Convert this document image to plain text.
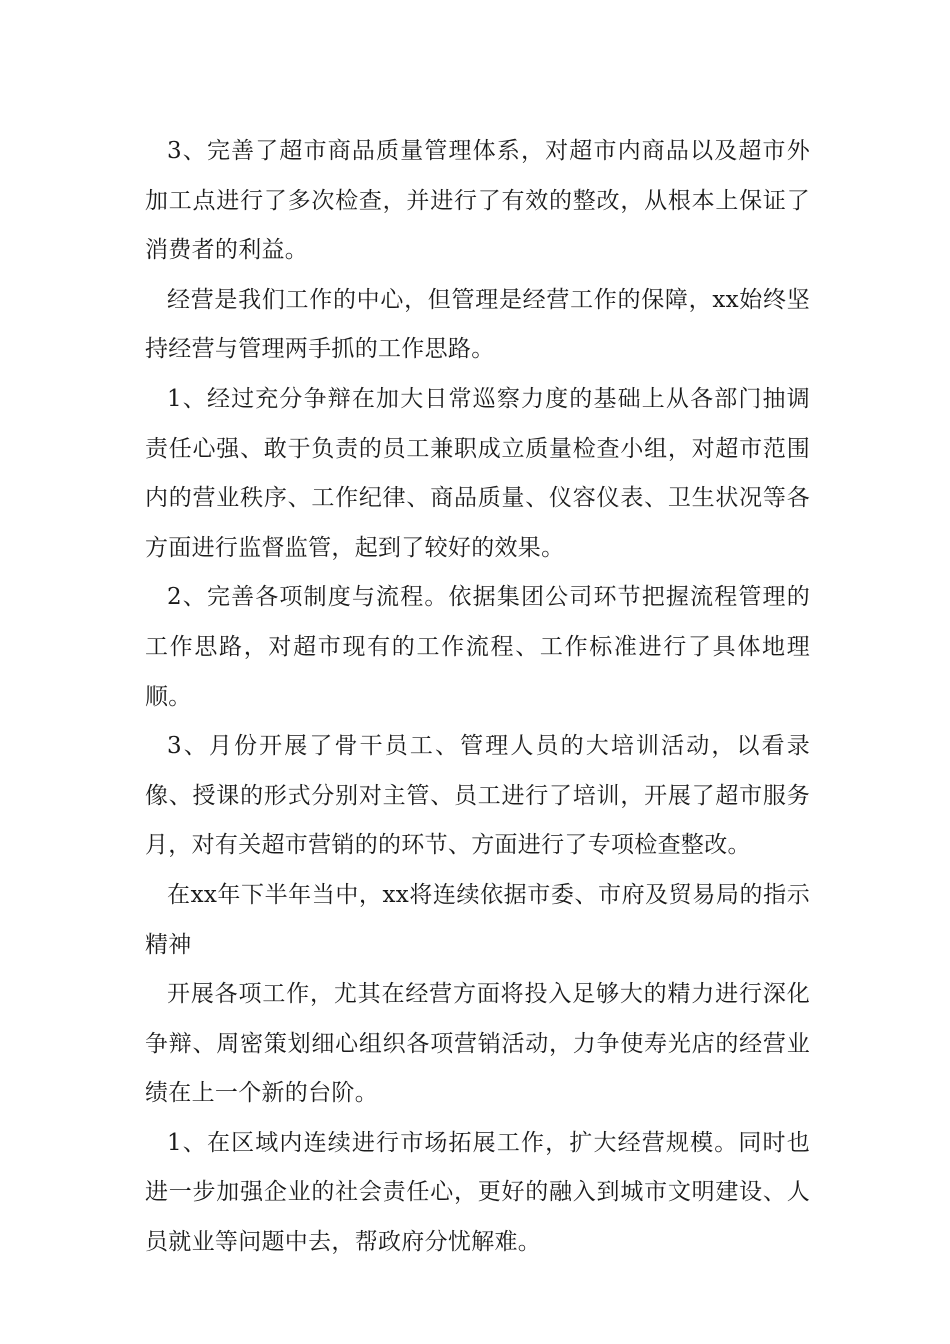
3、完善了超市商品质量管理体系，对超市内商品以及超市外加工点进行了多次检查，并进行了有效的整改，从根本上保证了消费者的利益。

经营是我们工作的中心，但管理是经营工作的保障，xx始终坚持经营与管理两手抓的工作思路。

1、经过充分争辩在加大日常巡察力度的基础上从各部门抽调责任心强、敢于负责的员工兼职成立质量检查小组，对超市范围内的营业秩序、工作纪律、商品质量、仪容仪表、卫生状况等各方面进行监督监管，起到了较好的效果。

2、完善各项制度与流程。依据集团公司环节把握流程管理的工作思路，对超市现有的工作流程、工作标准进行了具体地理顺。

3、月份开展了骨干员工、管理人员的大培训活动，以看录像、授课的形式分别对主管、员工进行了培训，开展了超市服务月，对有关超市营销的的环节、方面进行了专项检查整改。

在xx年下半年当中，xx将连续依据市委、市府及贸易局的指示精神

开展各项工作，尤其在经营方面将投入足够大的精力进行深化争辩、周密策划细心组织各项营销活动，力争使寿光店的经营业绩在上一个新的台阶。

1、在区域内连续进行市场拓展工作，扩大经营规模。同时也进一步加强企业的社会责任心，更好的融入到城市文明建设、人员就业等问题中去，帮政府分忧解难。
